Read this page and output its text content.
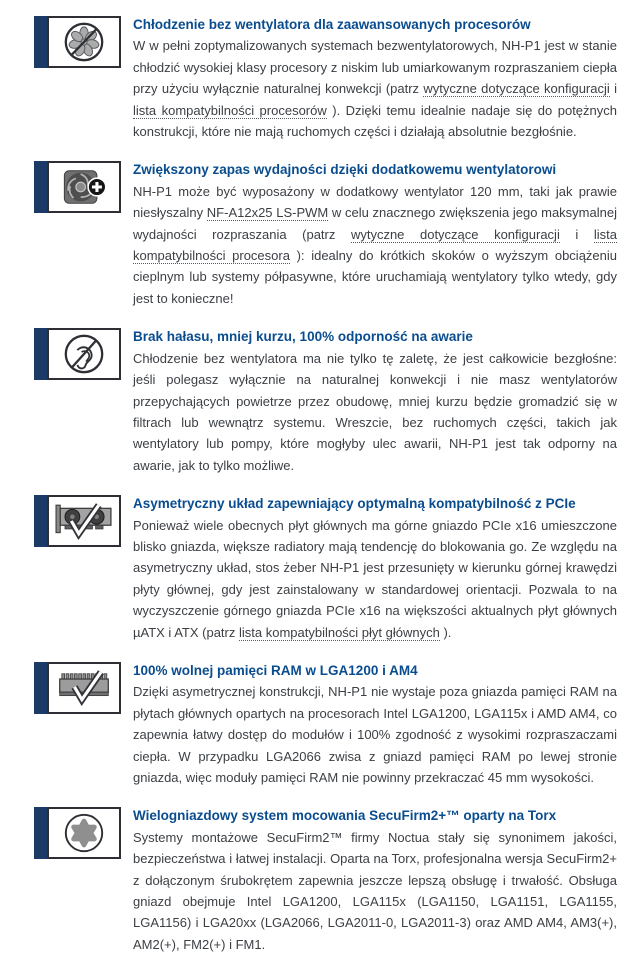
Chłodzenie bez wentylatora dla zaawansowanych procesorów

W w pełni zoptymalizowanych systemach bezwentylatorowych, NH-P1 jest w stanie chłodzić wysokiej klasy procesory z niskim lub umiarkowanym rozpraszaniem ciepła przy użyciu wyłącznie naturalnej konwekcji (patrz wytyczne dotyczące konfiguracji i lista kompatybilności procesorów ). Dzięki temu idealnie nadaje się do potężnych konstrukcji, które nie mają ruchomych części i działają absolutnie bezgłośnie.

Zwiększony zapas wydajności dzięki dodatkowemu wentylatorowi

NH-P1 może być wyposażony w dodatkowy wentylator 120 mm, taki jak prawie niesłyszalny NF-A12x25 LS-PWM w celu znacznego zwiększenia jego maksymalnej wydajności rozpraszania (patrz wytyczne dotyczące konfiguracji i lista kompatybilności procesora ): idealny do krótkich skoków o wyższym obciążeniu cieplnym lub systemy półpasywne, które uruchamiają wentylatory tylko wtedy, gdy jest to konieczne!

Brak hałasu, mniej kurzu, 100% odporność na awarie

Chłodzenie bez wentylatora ma nie tylko tę zaletę, że jest całkowicie bezgłośne: jeśli polegasz wyłącznie na naturalnej konwekcji i nie masz wentylatorów przepychających powietrze przez obudowę, mniej kurzu będzie gromadzić się w filtrach lub wewnątrz systemu. Wreszcie, bez ruchomych części, takich jak wentylatory lub pompy, które mogłyby ulec awarii, NH-P1 jest tak odporny na awarie, jak to tylko możliwe.

Asymetryczny układ zapewniający optymalną kompatybilność z PCIe

Ponieważ wiele obecnych płyt głównych ma górne gniazdo PCIe x16 umieszczone blisko gniazda, większe radiatory mają tendencję do blokowania go. Ze względu na asymetryczny układ, stos żeber NH-P1 jest przesunięty w kierunku górnej krawędzi płyty głównej, gdy jest zainstalowany w standardowej orientacji. Pozwala to na wyczyszczenie górnego gniazda PCIe x16 na większości aktualnych płyt głównych µATX i ATX (patrz lista kompatybilności płyt głównych ).

100% wolnej pamięci RAM w LGA1200 i AM4

Dzięki asymetrycznej konstrukcji, NH-P1 nie wystaje poza gniazda pamięci RAM na płytach głównych opartych na procesorach Intel LGA1200, LGA115x i AMD AM4, co zapewnia łatwy dostęp do modułów i 100% zgodność z wysokimi rozpraszaczami ciepła. W przypadku LGA2066 zwisa z gniazd pamięci RAM po lewej stronie gniazda, więc moduły pamięci RAM nie powinny przekraczać 45 mm wysokości.

Wielogniazdowy system mocowania SecuFirm2+™ oparty na Torx

Systemy montażowe SecuFirm2™ firmy Noctua stały się synonimem jakości, bezpieczeństwa i łatwej instalacji. Oparta na Torx, profesjonalna wersja SecuFirm2+ z dołączonym śrubokrętem zapewnia jeszcze lepszą obsługę i trwałość. Obsługa gniazd obejmuje Intel LGA1200, LGA115x (LGA1150, LGA1151, LGA1155, LGA1156) i LGA20xx (LGA2066, LGA2011-0, LGA2011-3) oraz AMD AM4, AM3(+), AM2(+), FM2(+) i FM1.
